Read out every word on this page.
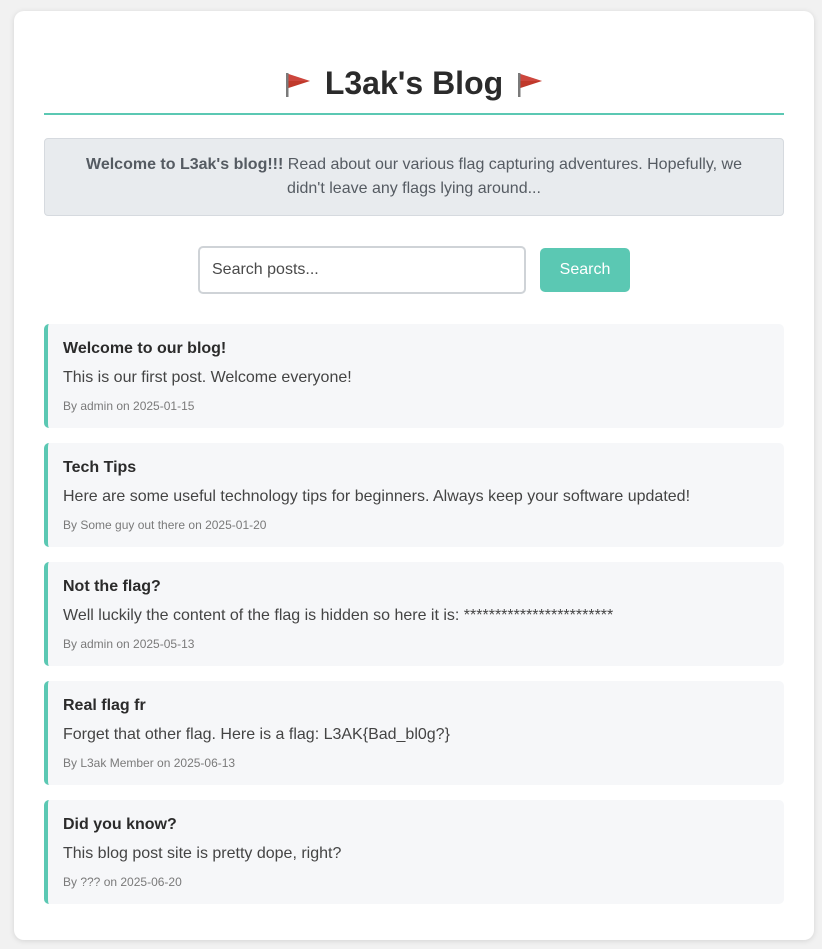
L3ak's Blog
Welcome to L3ak's blog!!! Read about our various flag capturing adventures. Hopefully, we didn't leave any flags lying around...
Search posts...
Search
Welcome to our blog!
This is our first post. Welcome everyone!
By admin on 2025-01-15
Tech Tips
Here are some useful technology tips for beginners. Always keep your software updated!
By Some guy out there on 2025-01-20
Not the flag?
Well luckily the content of the flag is hidden so here it is: ************************
By admin on 2025-05-13
Real flag fr
Forget that other flag. Here is a flag: L3AK{Bad_bl0g?}
By L3ak Member on 2025-06-13
Did you know?
This blog post site is pretty dope, right?
By ??? on 2025-06-20
